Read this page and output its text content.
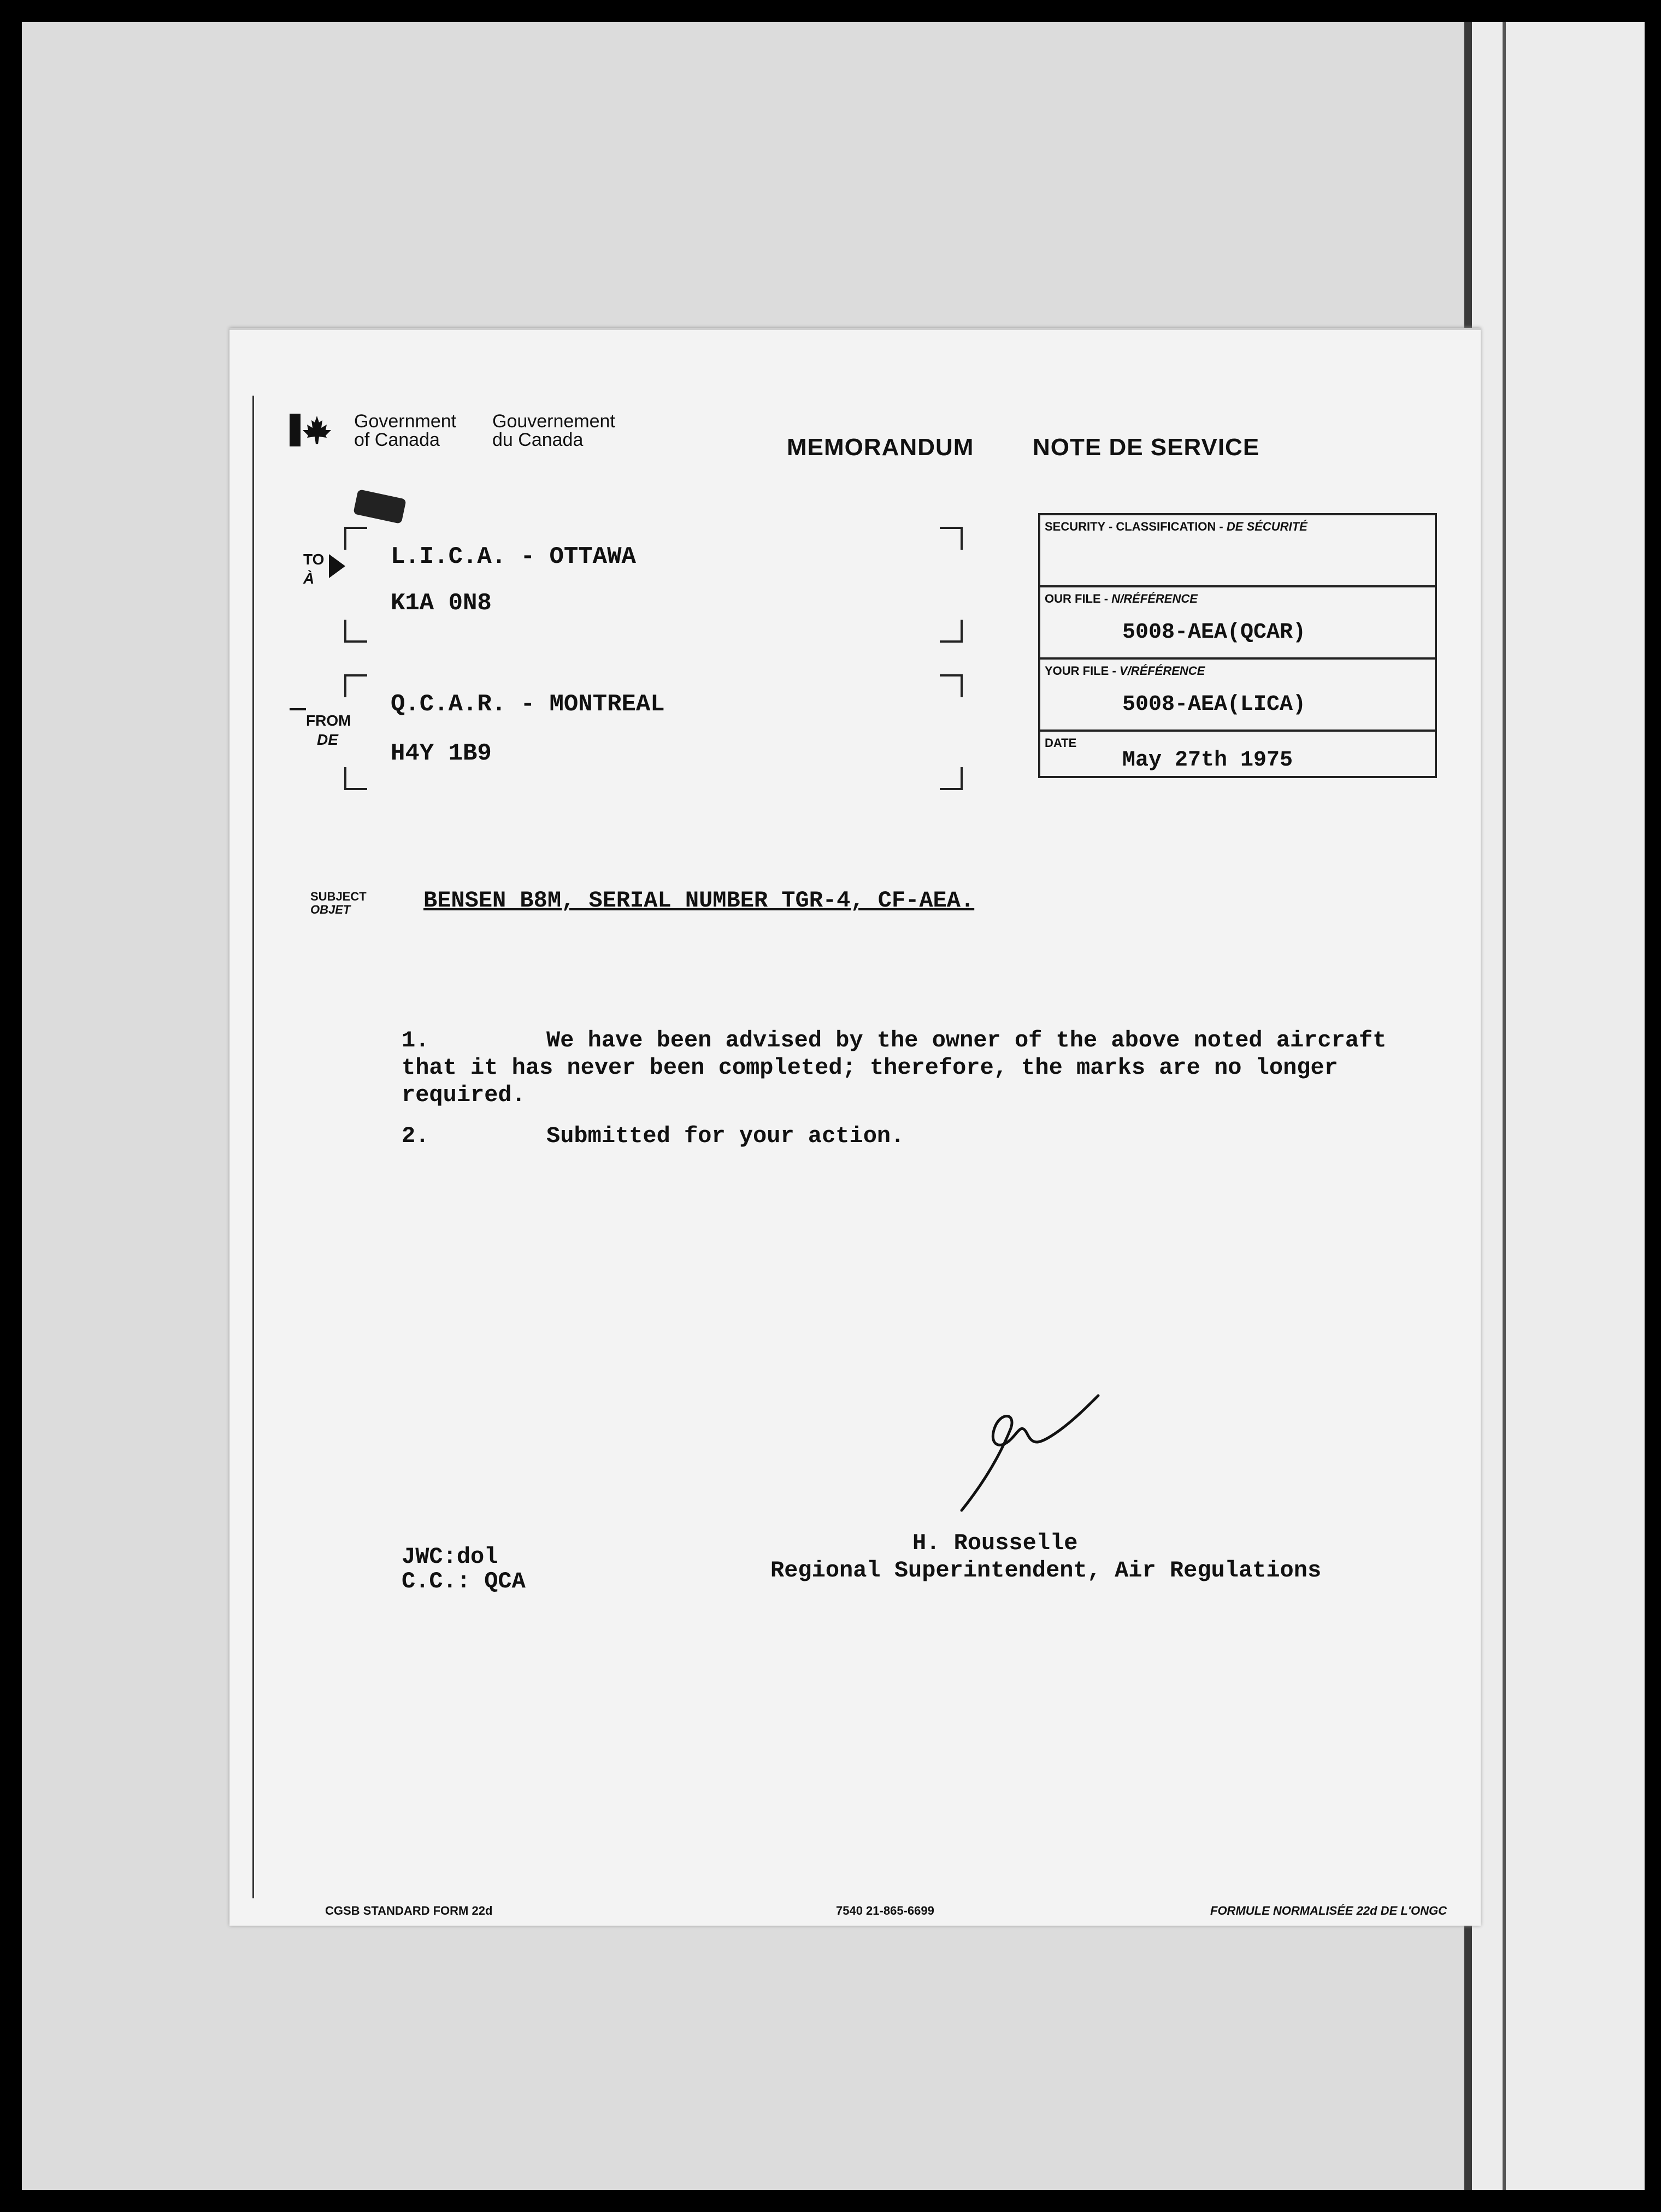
Government
of Canada
Gouvernement
du Canada	MEMORANDUM NOTE DE SERVICE
TO
À
L.I.C.A. - OTTAWA
K1A 0N8
FROM
DE
Q.C.A.R. - MONTREAL
H4Y 1B9
SECURITY - CLASSIFICATION - DE SÉCURITÉ
OUR FILE - N/RÉFÉRENCE
5008-AEA(QCAR)
YOUR FILE - V/RÉFÉRENCE
5008-AEA(LICA)
DATE
May 27th 1975
SUBJECT
OBJET	BENSEN B8M, SERIAL NUMBER TGR-4, CF-AEA.
1.	We have been advised by the owner of the above noted aircraft
that it has never been completed; therefore, the marks are no longer
required.
2.	Submitted for your action.
H. Rousselle
Regional Superintendent, Air Regulations
JWC:dol
C.C.: QCA
CGSB STANDARD FORM 22d	7540 21-865-6699	FORMULE NORMALISÉE 22d DE L'ONGC
